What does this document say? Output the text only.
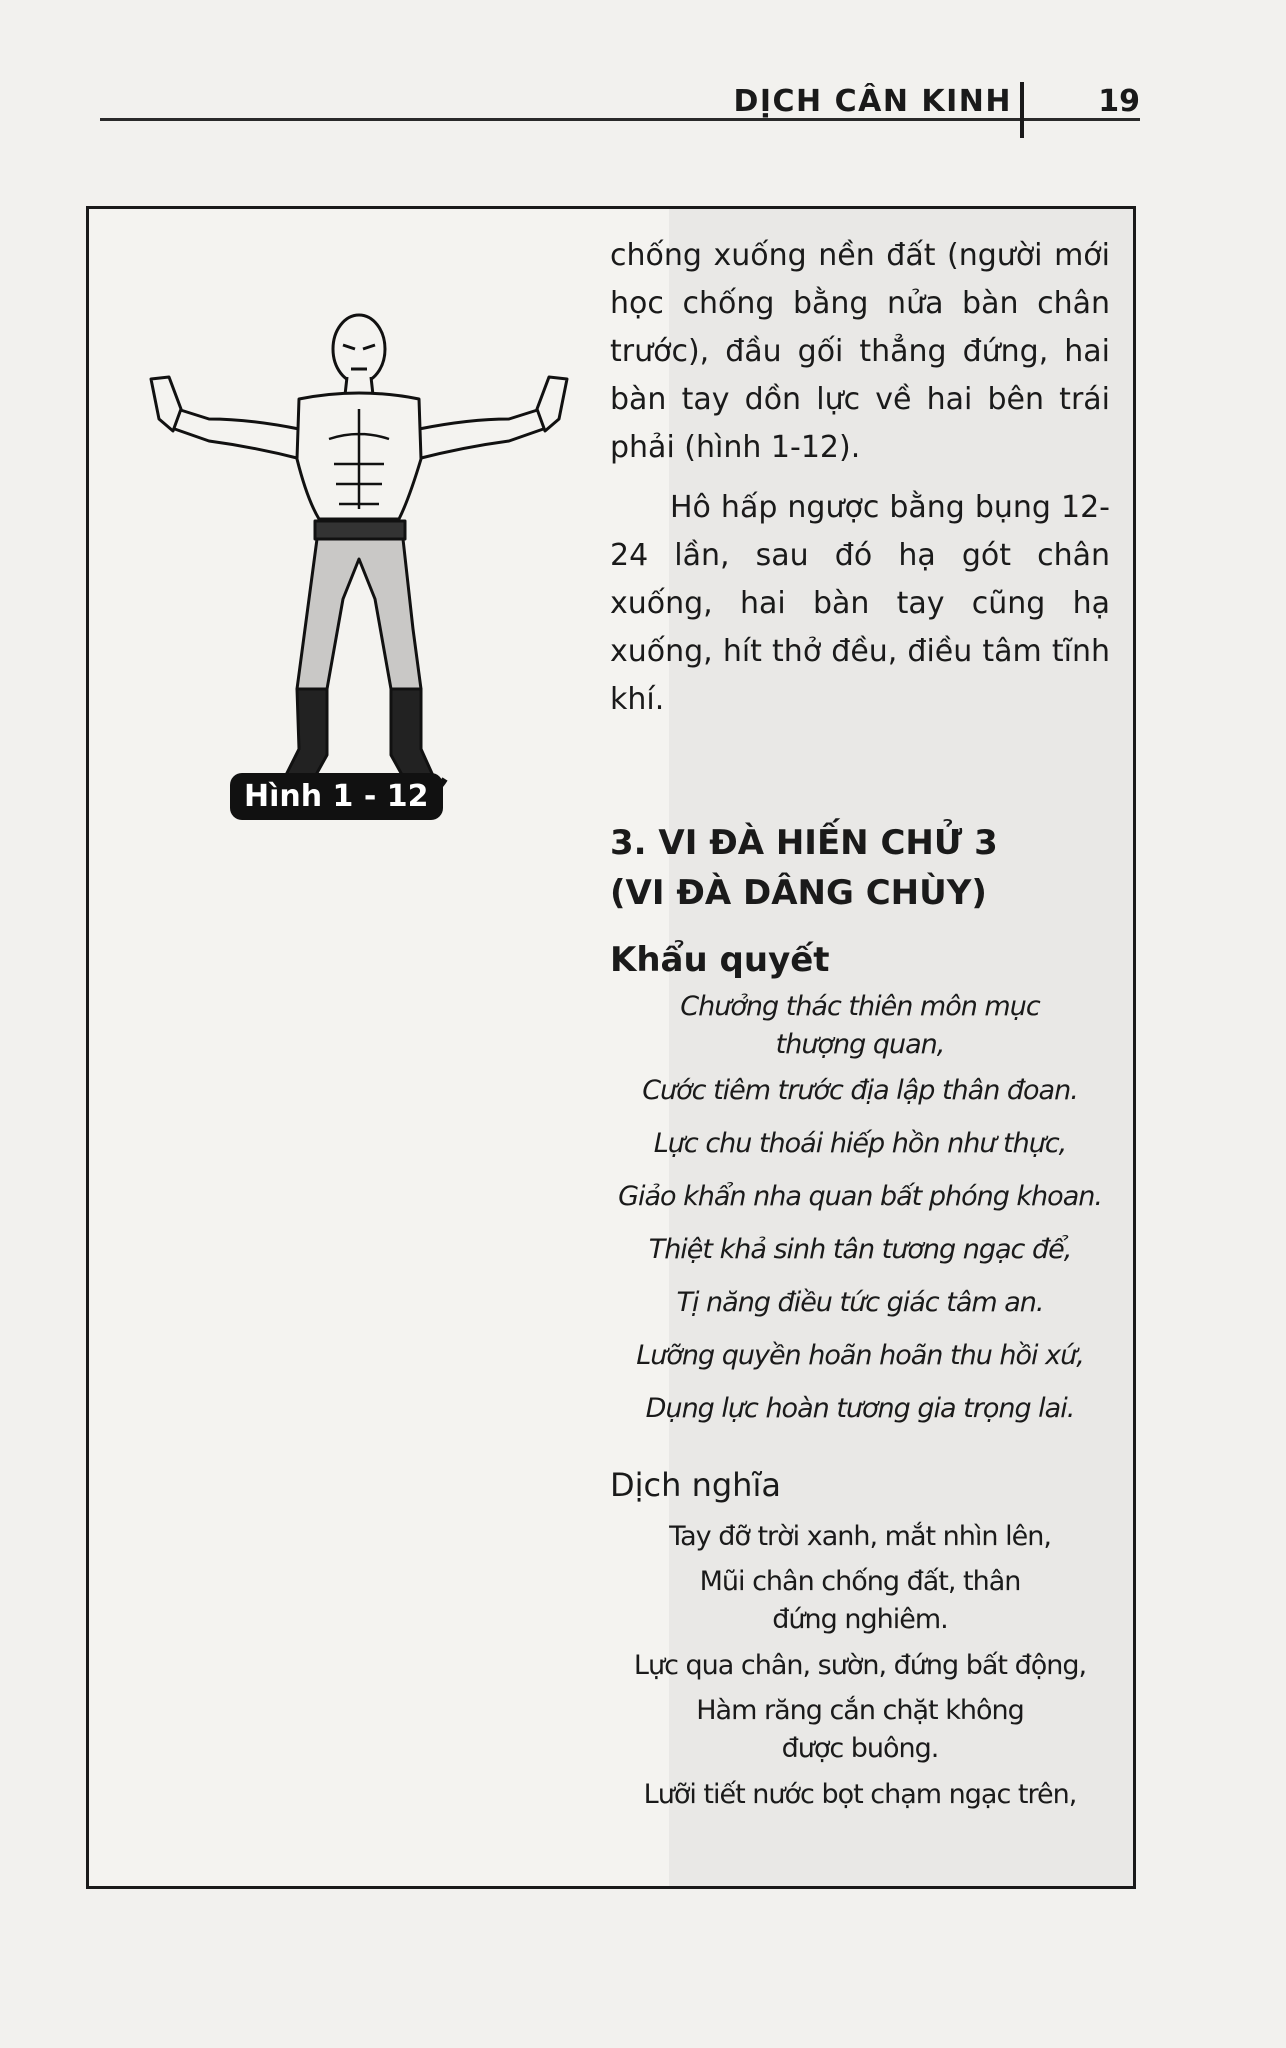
DỊCH CÂN KINH	19
Hình 1 - 12

chống xuống nền đất (người mới học chống bằng nửa bàn chân trước), đầu gối thẳng đứng, hai bàn tay dồn lực về hai bên trái phải (hình 1-12).

Hô hấp ngược bằng bụng 12-24 lần, sau đó hạ gót chân xuống, hai bàn tay cũng hạ xuống, hít thở đều, điều tâm tĩnh khí.

3. VI ĐÀ HIẾN CHỬ 3

(VI ĐÀ DÂNG CHÙY)

Khẩu quyết

Chưởng thác thiên môn mục

thượng quan,

Cước tiêm trước địa lập thân đoan.

Lực chu thoái hiếp hồn như thực,

Giảo khẩn nha quan bất phóng khoan.

Thiệt khả sinh tân tương ngạc để,

Tị năng điều tức giác tâm an.

Lưỡng quyền hoãn hoãn thu hồi xứ,

Dụng lực hoàn tương gia trọng lai.

Dịch nghĩa

Tay đỡ trời xanh, mắt nhìn lên,

Mũi chân chống đất, thân

đứng nghiêm.

Lực qua chân, sườn, đứng bất động,

Hàm răng cắn chặt không

được buông.

Lưỡi tiết nước bọt chạm ngạc trên,
